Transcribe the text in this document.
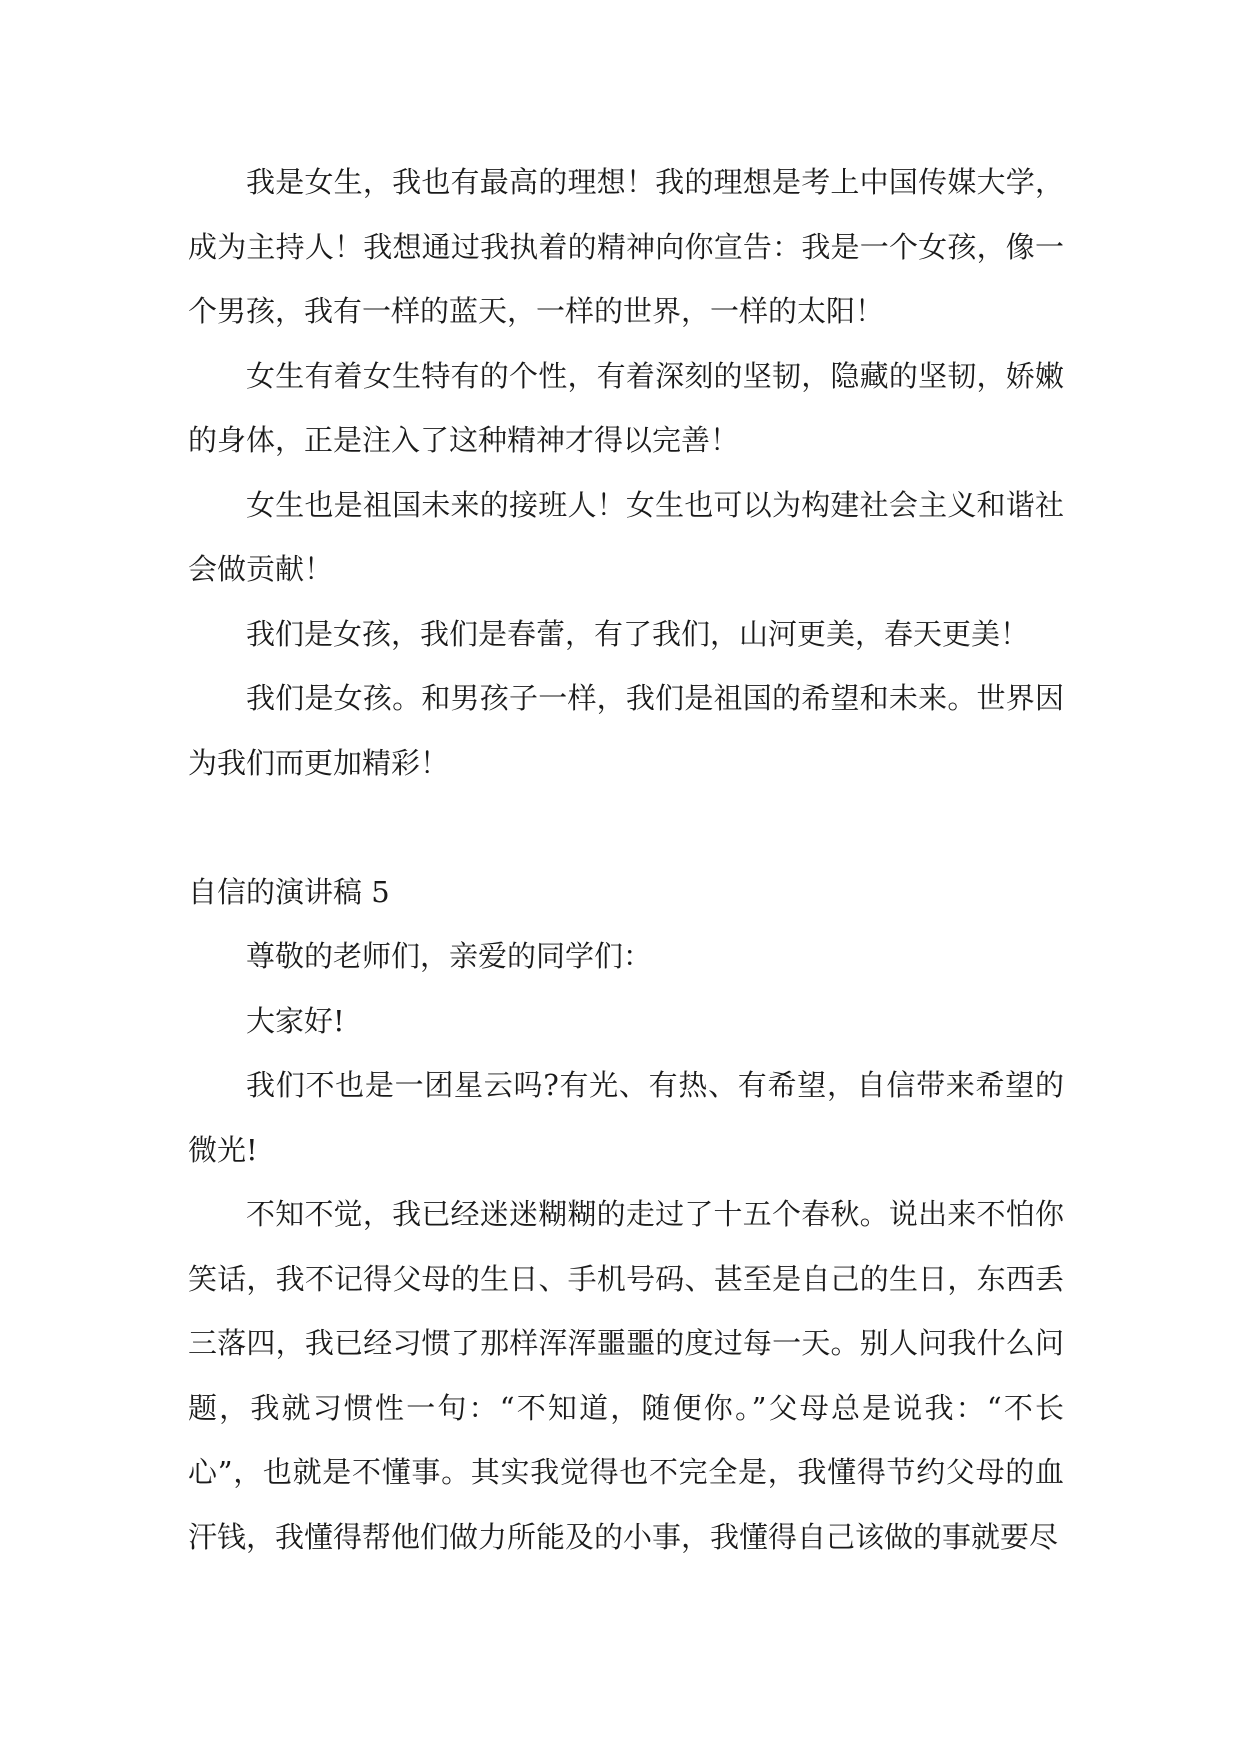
我是女生，我也有最高的理想！我的理想是考上中国传媒大学，成为主持人！我想通过我执着的精神向你宣告：我是一个女孩，像一个男孩，我有一样的蓝天，一样的世界，一样的太阳！

女生有着女生特有的个性，有着深刻的坚韧，隐藏的坚韧，娇嫩的身体，正是注入了这种精神才得以完善！

女生也是祖国未来的接班人！女生也可以为构建社会主义和谐社会做贡献！

我们是女孩，我们是春蕾，有了我们，山河更美，春天更美！

我们是女孩。和男孩子一样，我们是祖国的希望和未来。世界因为我们而更加精彩！

自信的演讲稿 5

尊敬的老师们，亲爱的同学们：

大家好!

我们不也是一团星云吗?有光、有热、有希望，自信带来希望的微光!

不知不觉，我已经迷迷糊糊的走过了十五个春秋。说出来不怕你笑话，我不记得父母的生日、手机号码、甚至是自己的生日，东西丢三落四，我已经习惯了那样浑浑噩噩的度过每一天。别人问我什么问题，我就习惯性一句：“不知道，随便你。”父母总是说我：“不长心”，也就是不懂事。其实我觉得也不完全是，我懂得节约父母的血汗钱，我懂得帮他们做力所能及的小事，我懂得自己该做的事就要尽
